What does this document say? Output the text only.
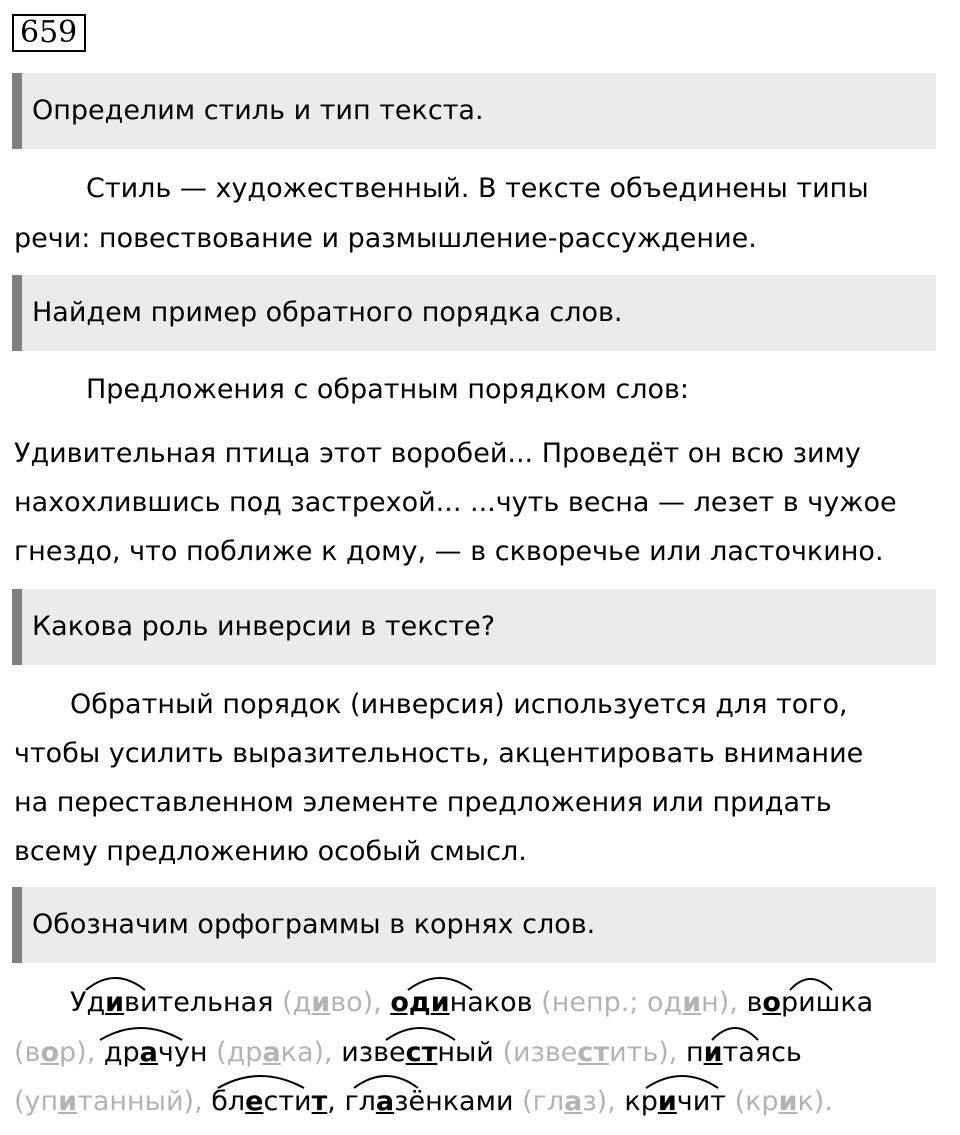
659
Определим стиль и тип текста.
Стиль — художественный. В тексте объединены типы
речи: повествование и размышление-рассуждение.
Найдем пример обратного порядка слов.
Предложения с обратным порядком слов:
Удивительная птица этот воробей... Проведёт он всю зиму
нахохлившись под застрехой... ...чуть весна — лезет в чужое
гнездо, что поближе к дому, — в скворечье или ласточкино.
Какова роль инверсии в тексте?
Обратный порядок (инверсия) используется для того,
чтобы усилить выразительность, акцентировать внимание
на переставленном элементе предложения или придать
всему предложению особый смысл.
Обозначим орфограммы в корнях слов.
Удивительная (диво), одинаков (непр.; один), воришка
(вор), драчун (драка), известный (известить), питаясь
(упитанный), блестит, глазёнками (глаз), кричит (крик).
